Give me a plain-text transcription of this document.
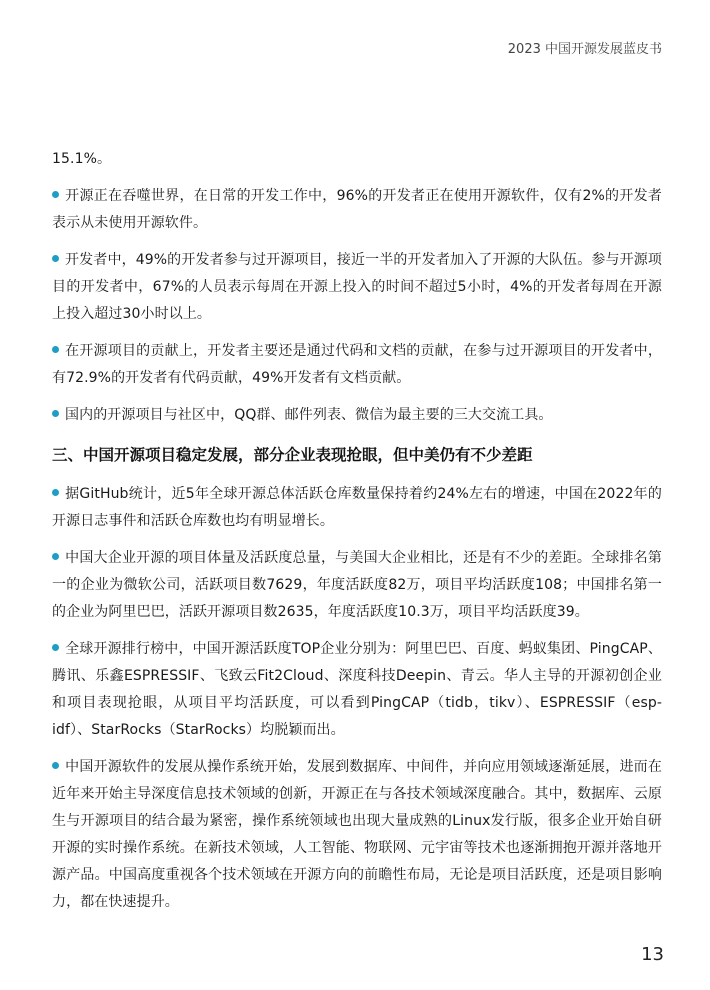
2023 中国开源发展蓝皮书

15.1%。

开源正在吞噬世界，在日常的开发工作中，96%的开发者正在使用开源软件，仅有2%的开发者表示从未使用开源软件。

开发者中，49%的开发者参与过开源项目，接近一半的开发者加入了开源的大队伍。参与开源项目的开发者中，67%的人员表示每周在开源上投入的时间不超过5小时，4%的开发者每周在开源上投入超过30小时以上。

在开源项目的贡献上，开发者主要还是通过代码和文档的贡献，在参与过开源项目的开发者中，有72.9%的开发者有代码贡献，49%开发者有文档贡献。

国内的开源项目与社区中，QQ群、邮件列表、微信为最主要的三大交流工具。

三、中国开源项目稳定发展，部分企业表现抢眼，但中美仍有不少差距

据GitHub统计，近5年全球开源总体活跃仓库数量保持着约24%左右的增速，中国在2022年的开源日志事件和活跃仓库数也均有明显增长。

中国大企业开源的项目体量及活跃度总量，与美国大企业相比，还是有不少的差距。全球排名第一的企业为微软公司，活跃项目数7629，年度活跃度82万，项目平均活跃度108；中国排名第一的企业为阿里巴巴，活跃开源项目数2635，年度活跃度10.3万，项目平均活跃度39。

全球开源排行榜中，中国开源活跃度TOP企业分别为：阿里巴巴、百度、蚂蚁集团、PingCAP、腾讯、乐鑫ESPRESSIF、飞致云Fit2Cloud、深度科技Deepin、青云。华人主导的开源初创企业和项目表现抢眼，从项目平均活跃度，可以看到PingCAP（tidb，tikv）、ESPRESSIF（esp-idf）、StarRocks（StarRocks）均脱颖而出。

中国开源软件的发展从操作系统开始，发展到数据库、中间件，并向应用领域逐渐延展，进而在近年来开始主导深度信息技术领域的创新，开源正在与各技术领域深度融合。其中，数据库、云原生与开源项目的结合最为紧密，操作系统领域也出现大量成熟的Linux发行版，很多企业开始自研开源的实时操作系统。在新技术领域，人工智能、物联网、元宇宙等技术也逐渐拥抱开源并落地开源产品。中国高度重视各个技术领域在开源方向的前瞻性布局，无论是项目活跃度，还是项目影响力，都在快速提升。

13
